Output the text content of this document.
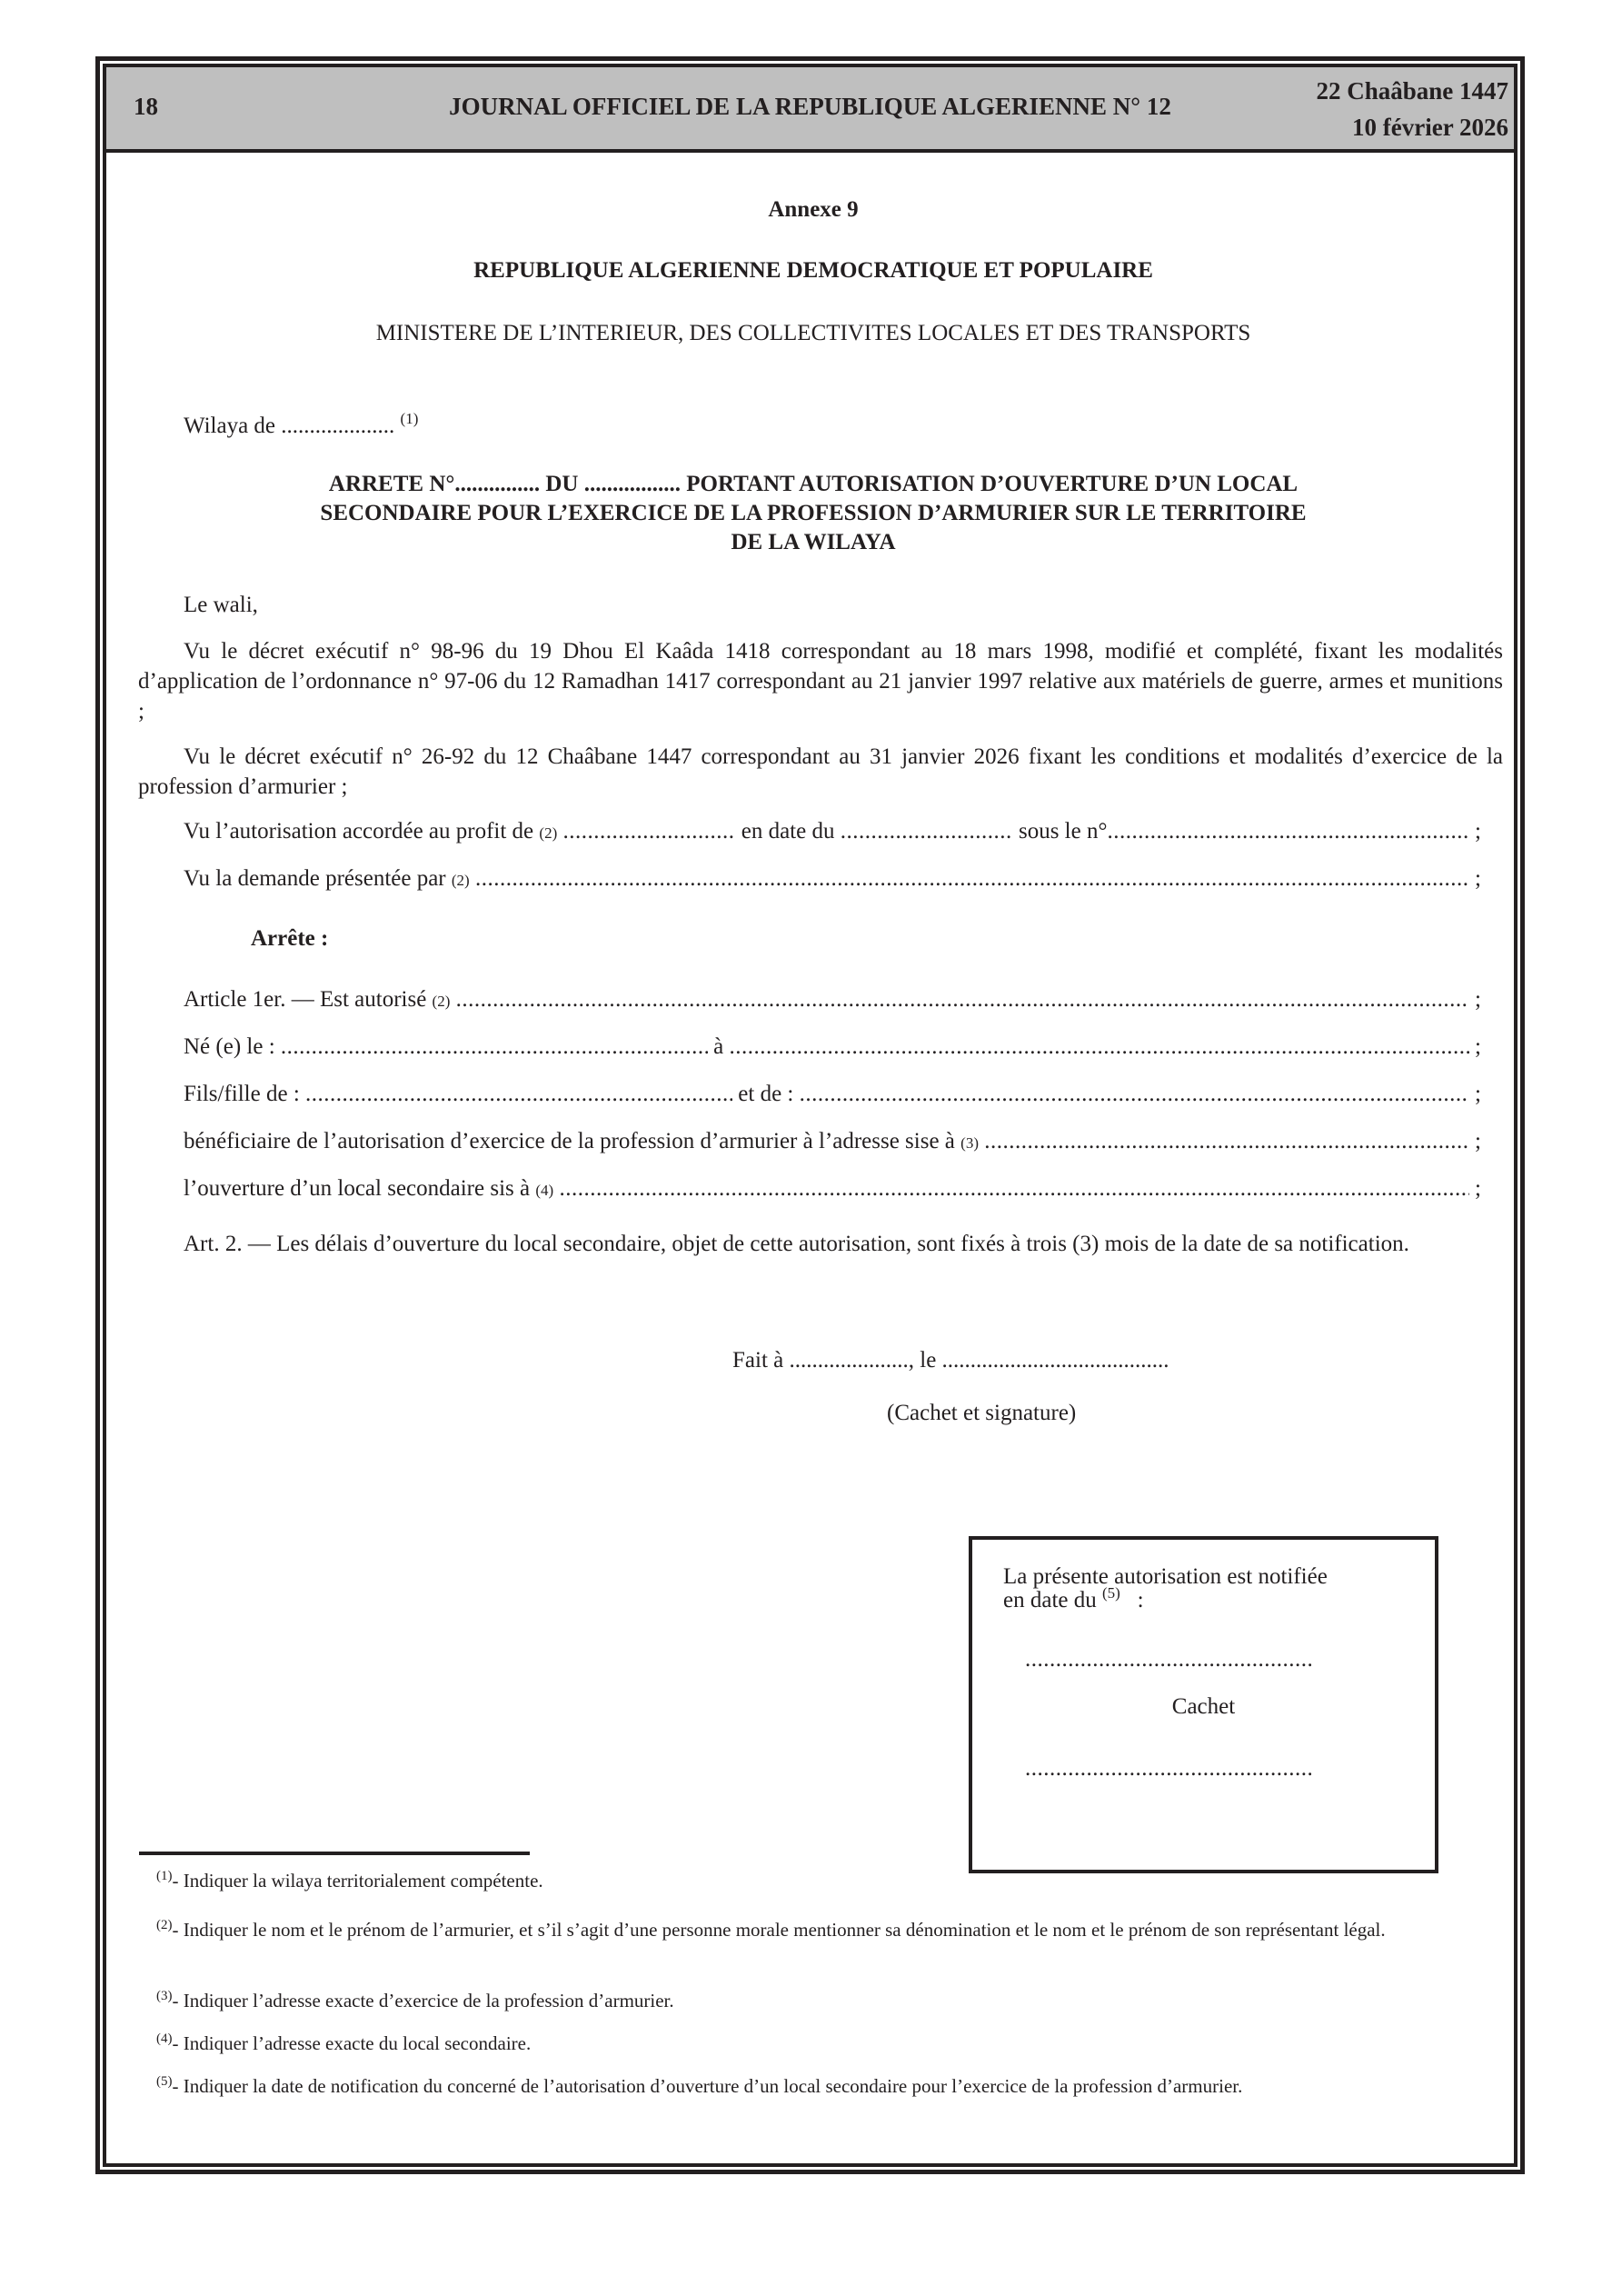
18	JOURNAL OFFICIEL DE LA REPUBLIQUE ALGERIENNE N° 12
22 Chaâbane 1447
10 février 2026
Annexe 9
REPUBLIQUE ALGERIENNE DEMOCRATIQUE ET POPULAIRE
MINISTERE DE L’INTERIEUR, DES COLLECTIVITES LOCALES ET DES TRANSPORTS
Wilaya de .................... $^{(1)}$
ARRETE N°............... DU ................. PORTANT AUTORISATION D’OUVERTURE D’UN LOCAL
SECONDAIRE POUR L’EXERCICE DE LA PROFESSION D’ARMURIER SUR LE TERRITOIRE
DE LA WILAYA
Le wali,
Vu le décret exécutif n° 98-96 du 19 Dhou El Kaâda 1418 correspondant au 18 mars 1998, modifié et complété, fixant les modalités d’application de l’ordonnance n° 97-06 du 12 Ramadhan 1417 correspondant au 21 janvier 1997 relative aux matériels de guerre, armes et munitions ;
Vu le décret exécutif n° 26-92 du 12 Chaâbane 1447 correspondant au 31 janvier 2026 fixant les conditions et modalités d’exercice de la profession d’armurier ;
Vu l’autorisation accordée au profit de
(2)
.....
	en date du
.....
	sous le n° .....
	;
Vu la demande présentée par
(2)
.....
	;
Arrête :
Article 1er. — Est autorisé
(2)
.....
	;
Né (e) le :
.....
	à
.....
	;
Fils/fille de :
.....
	et de :
.....
	;
bénéficiaire de l’autorisation d’exercice de la profession d’armurier à l’adresse sise à
(3)
.....
	;
l’ouverture d’un local secondaire sis à
(4)
.....
	;
Art. 2. — Les délais d’ouverture du local secondaire, objet de cette autorisation, sont fixés à trois (3) mois de la date de sa notification.
Fait à ....................., le ........................................
(Cachet et signature)
La présente autorisation est notifiée
en date du $^{(5)}$ :
.....
Cachet
.....
$^{(1)}$- Indiquer la wilaya territorialement compétente.
$^{(2)}$- Indiquer le nom et le prénom de l’armurier, et s’il s’agit d’une personne morale mentionner sa dénomination et le nom et le prénom de son représentant légal.
$^{(3)}$- Indiquer l’adresse exacte d’exercice de la profession d’armurier.
$^{(4)}$- Indiquer l’adresse exacte du local secondaire.
$^{(5)}$- Indiquer la date de notification du concerné de l’autorisation d’ouverture d’un local secondaire pour l’exercice de la profession d’armurier.
